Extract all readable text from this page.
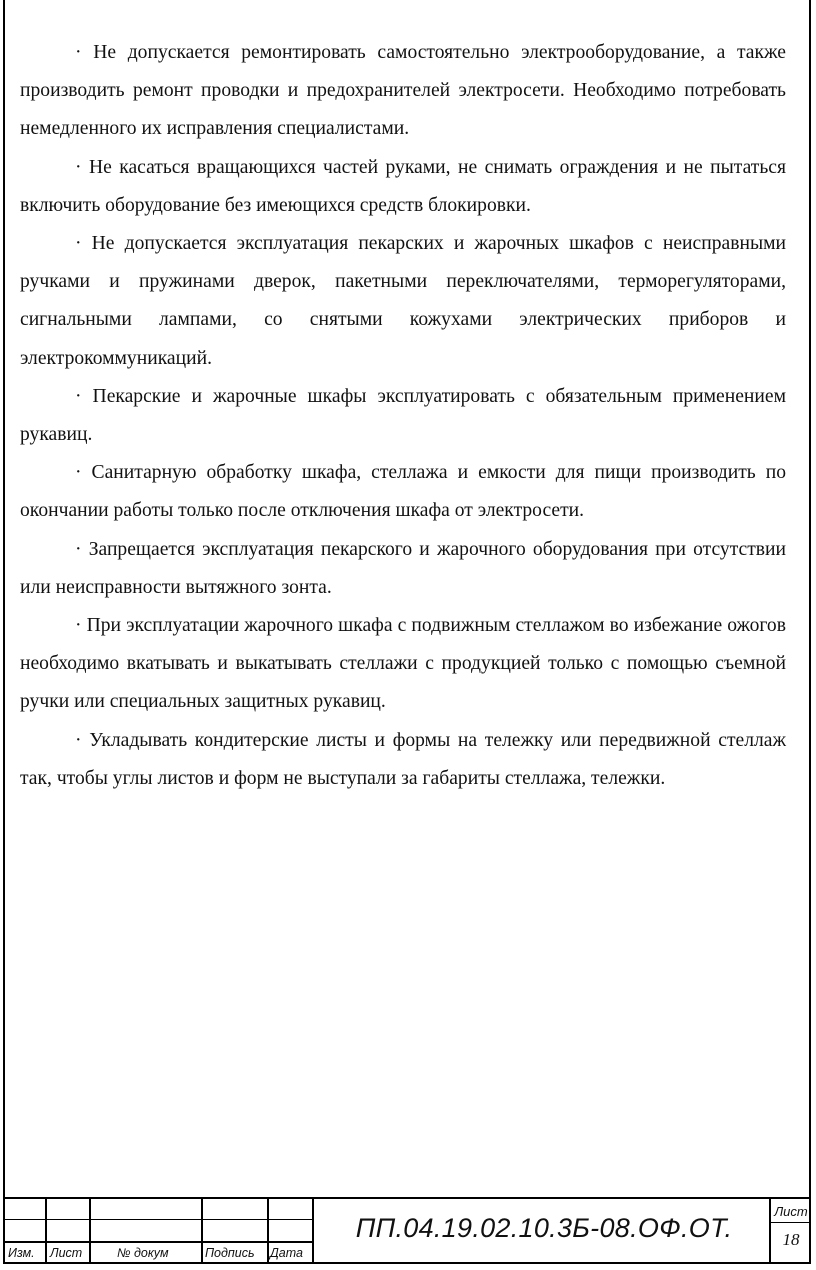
· Не допускается ремонтировать самостоятельно электрооборудование, а также производить ремонт проводки и предохранителей электросети. Необходимо потребовать немедленного их исправления специалистами.

· Не касаться вращающихся частей руками, не снимать ограждения и не пытаться включить оборудование без имеющихся средств блокировки.

· Не допускается эксплуатация пекарских и жарочных шкафов с неисправными ручками и пружинами дверок, пакетными переключателями, терморегуляторами, сигнальными лампами, со снятыми кожухами электрических приборов и электрокоммуникаций.

· Пекарские и жарочные шкафы эксплуатировать с обязательным применением рукавиц.

· Санитарную обработку шкафа, стеллажа и емкости для пищи производить по окончании работы только после отключения шкафа от электросети.

· Запрещается эксплуатация пекарского и жарочного оборудования при отсутствии или неисправности вытяжного зонта.

· При эксплуатации жарочного шкафа с подвижным стеллажом во избежание ожогов необходимо вкатывать и выкатывать стеллажи с продукцией только с помощью съемной ручки или специальных защитных рукавиц.

· Укладывать кондитерские листы и формы на тележку или передвижной стеллаж так, чтобы углы листов и форм не выступали за габариты стеллажа, тележки.

Изм. Лист	№ докум	Подпись Дата
ПП.04.19.02.10.3Б-08.ОФ.ОТ.
Лист
18
